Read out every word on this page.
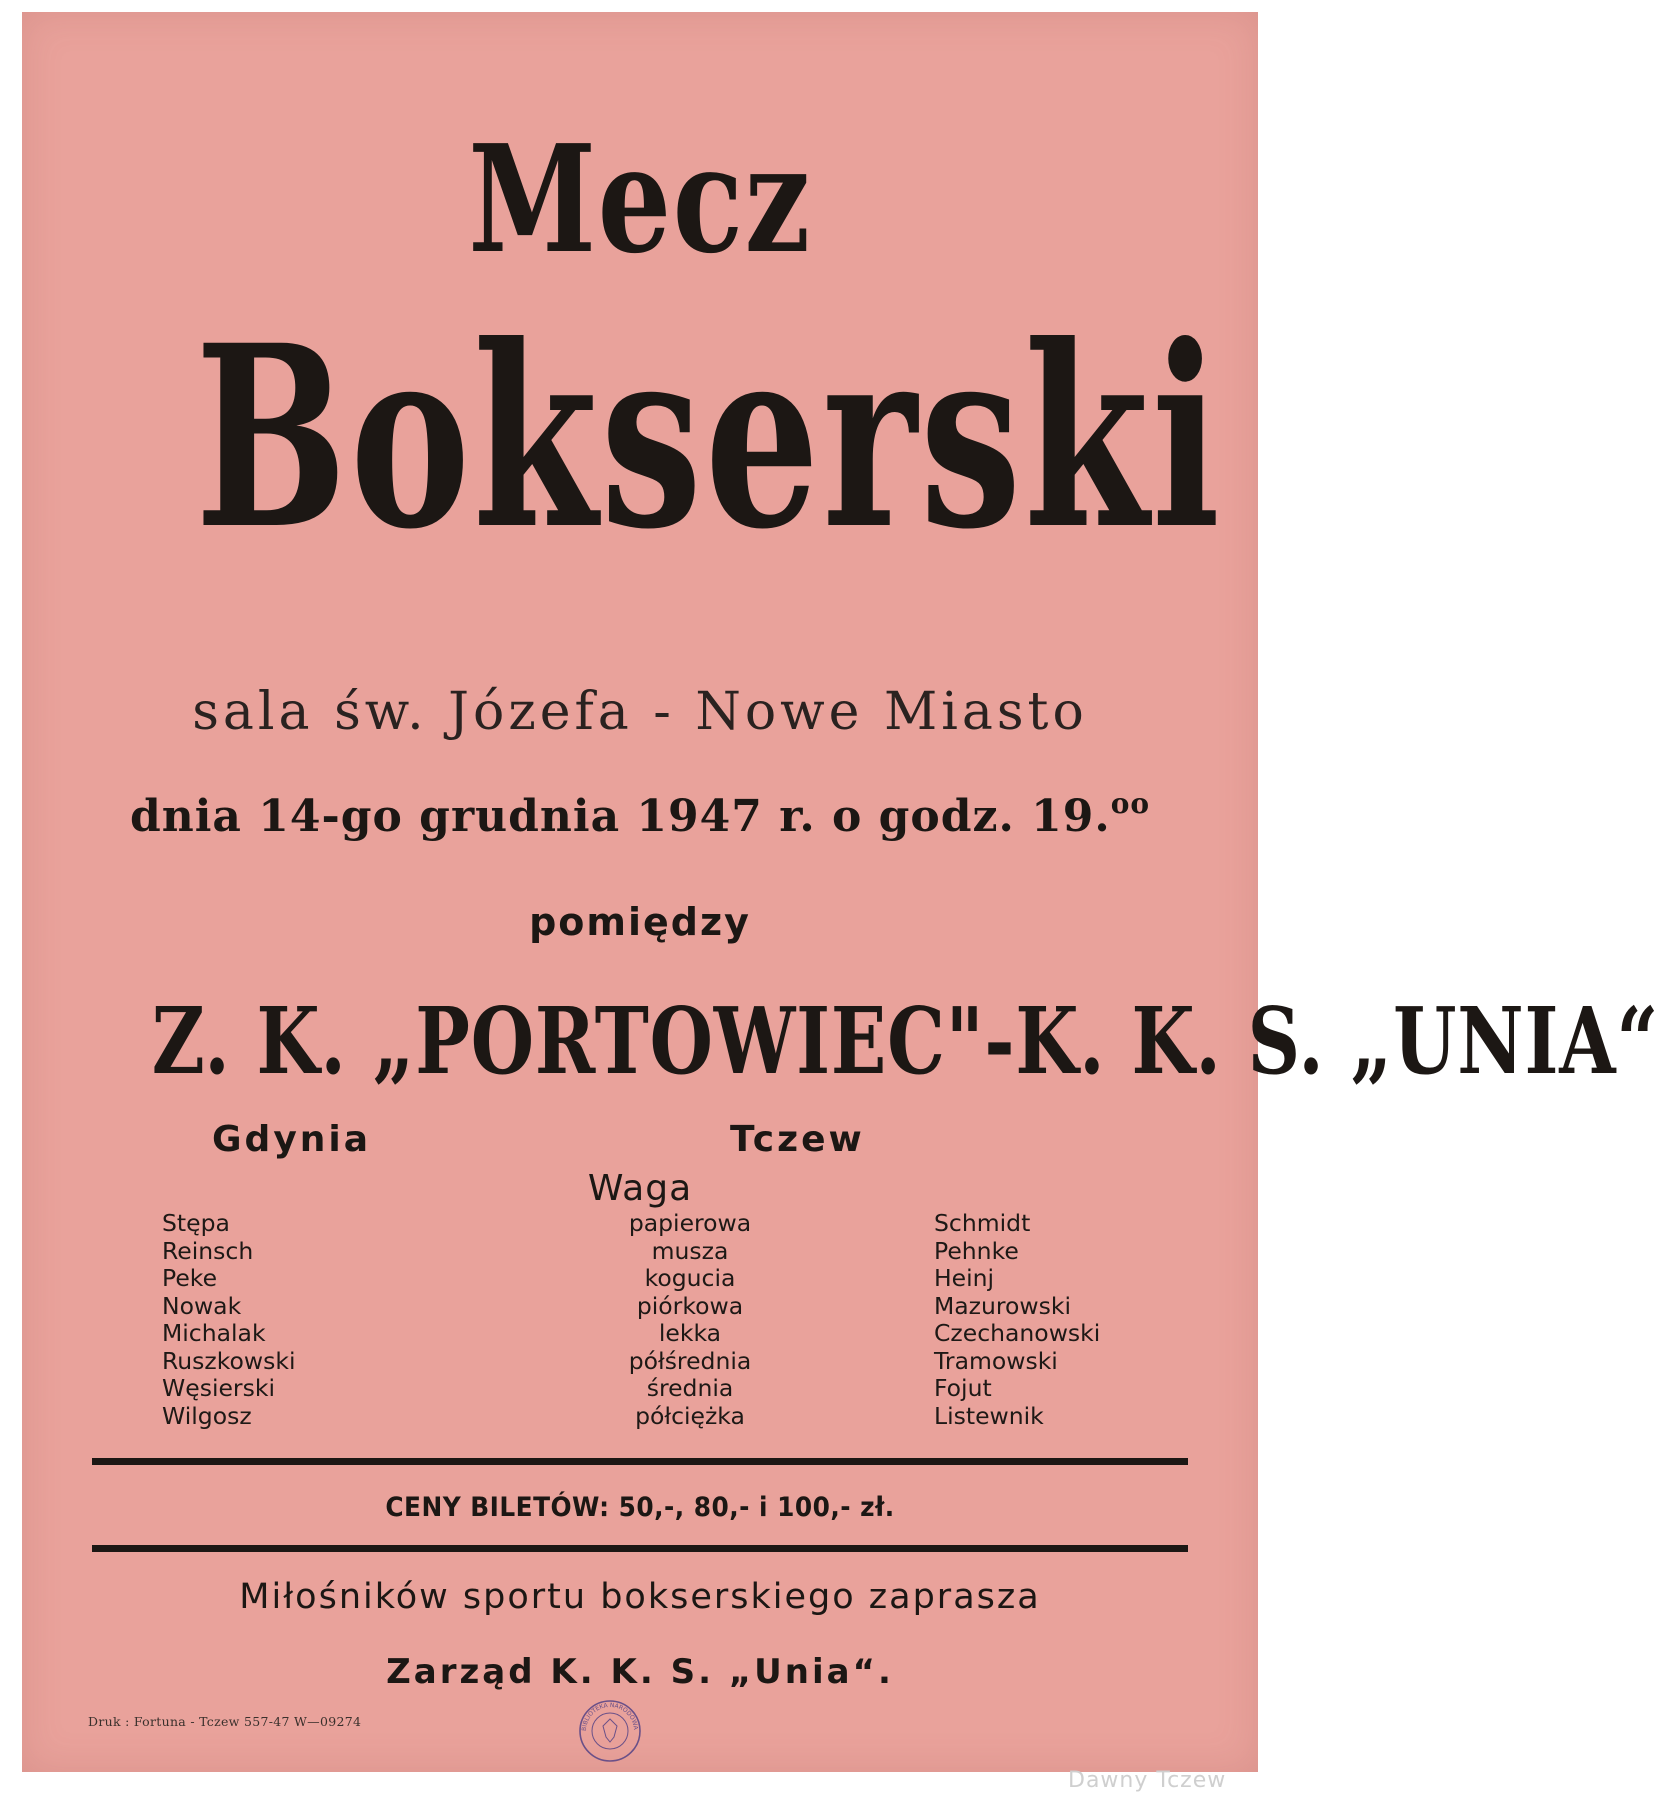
Mecz
Bokserski
sala św. Józefa - Nowe Miasto
dnia 14-go grudnia 1947 r. o godz. 19.$^{oo}$
pomiędzy
Z. K. „PORTOWIEC"-K. K. S. „UNIA“
Gdynia	Tczew
Waga
Stępa
Reinsch
Peke
Nowak
Michalak
Ruszkowski
Węsierski
Wilgosz
papierowa
musza
kogucia
piórkowa
lekka
półśrednia
średnia
półciężka
Schmidt
Pehnke
Heinj
Mazurowski
Czechanowski
Tramowski
Fojut
Listewnik
CENY BILETÓW: 50,-, 80,- i 100,- zł.
Miłośników sportu bokserskiego zaprasza
Zarząd K. K. S. „Unia“.
Druk : Fortuna - Tczew 557-47 W—09274	BIBLIOTEKA NARODOWA
Dawny Tczew
